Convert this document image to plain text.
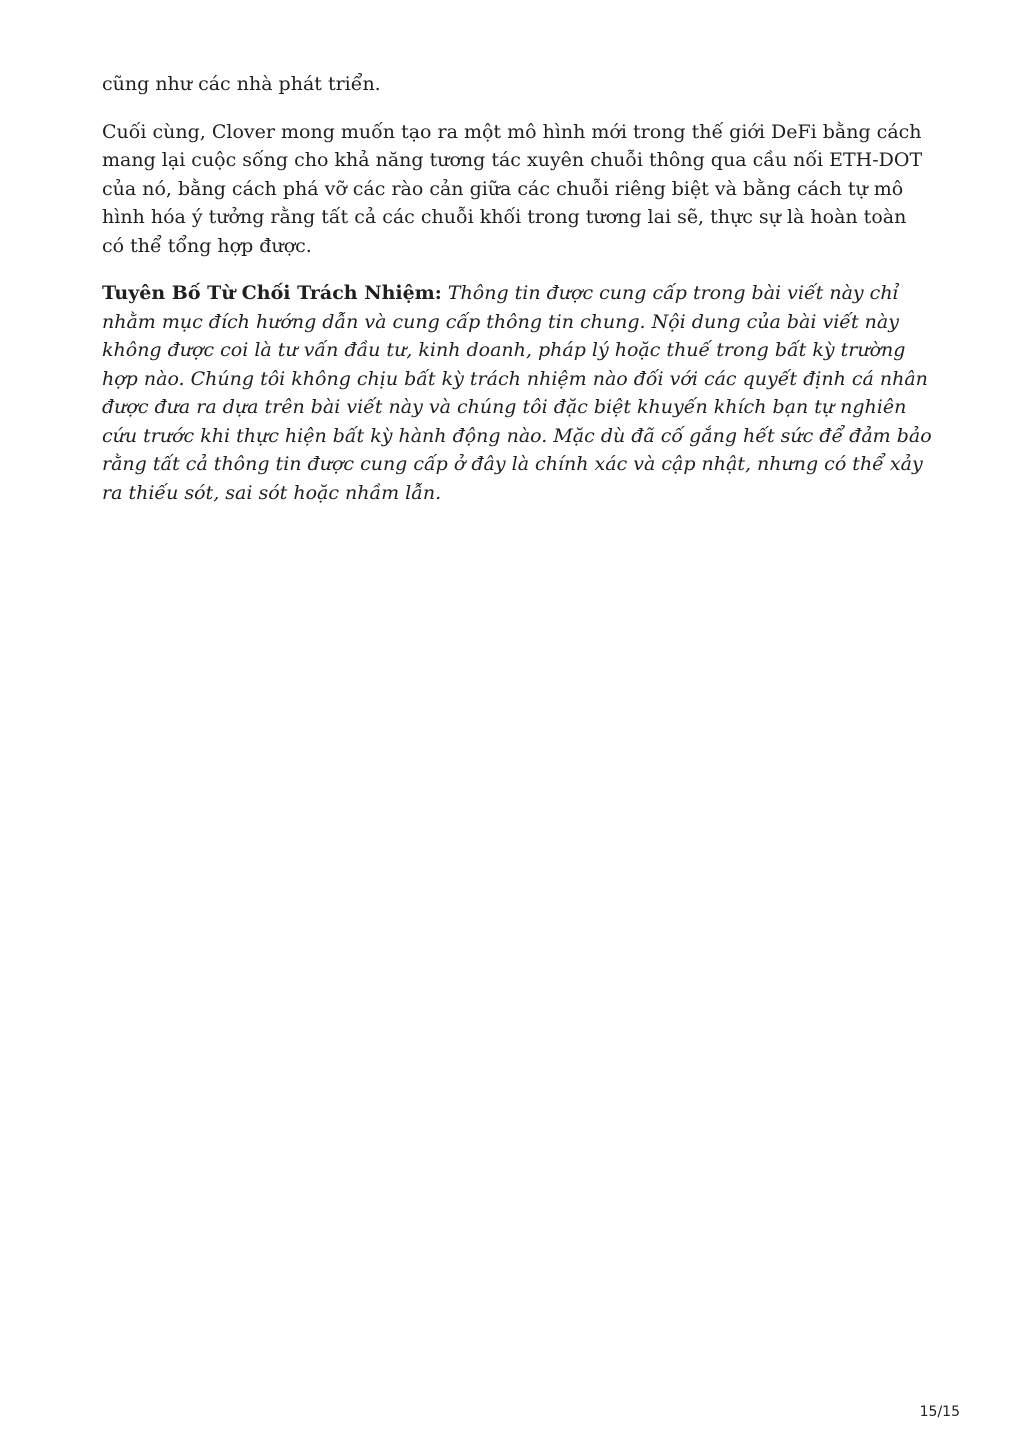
cũng như các nhà phát triển.

Cuối cùng, Clover mong muốn tạo ra một mô hình mới trong thế giới DeFi bằng cách mang lại cuộc sống cho khả năng tương tác xuyên chuỗi thông qua cầu nối ETH-DOT của nó, bằng cách phá vỡ các rào cản giữa các chuỗi riêng biệt và bằng cách tự mô hình hóa ý tưởng rằng tất cả các chuỗi khối trong tương lai sẽ, thực sự là hoàn toàn có thể tổng hợp được.

Tuyên Bố Từ Chối Trách Nhiệm: Thông tin được cung cấp trong bài viết này chỉ nhằm mục đích hướng dẫn và cung cấp thông tin chung. Nội dung của bài viết này không được coi là tư vấn đầu tư, kinh doanh, pháp lý hoặc thuế trong bất kỳ trường hợp nào. Chúng tôi không chịu bất kỳ trách nhiệm nào đối với các quyết định cá nhân được đưa ra dựa trên bài viết này và chúng tôi đặc biệt khuyến khích bạn tự nghiên cứu trước khi thực hiện bất kỳ hành động nào. Mặc dù đã cố gắng hết sức để đảm bảo rằng tất cả thông tin được cung cấp ở đây là chính xác và cập nhật, nhưng có thể xảy ra thiếu sót, sai sót hoặc nhầm lẫn.

15/15
